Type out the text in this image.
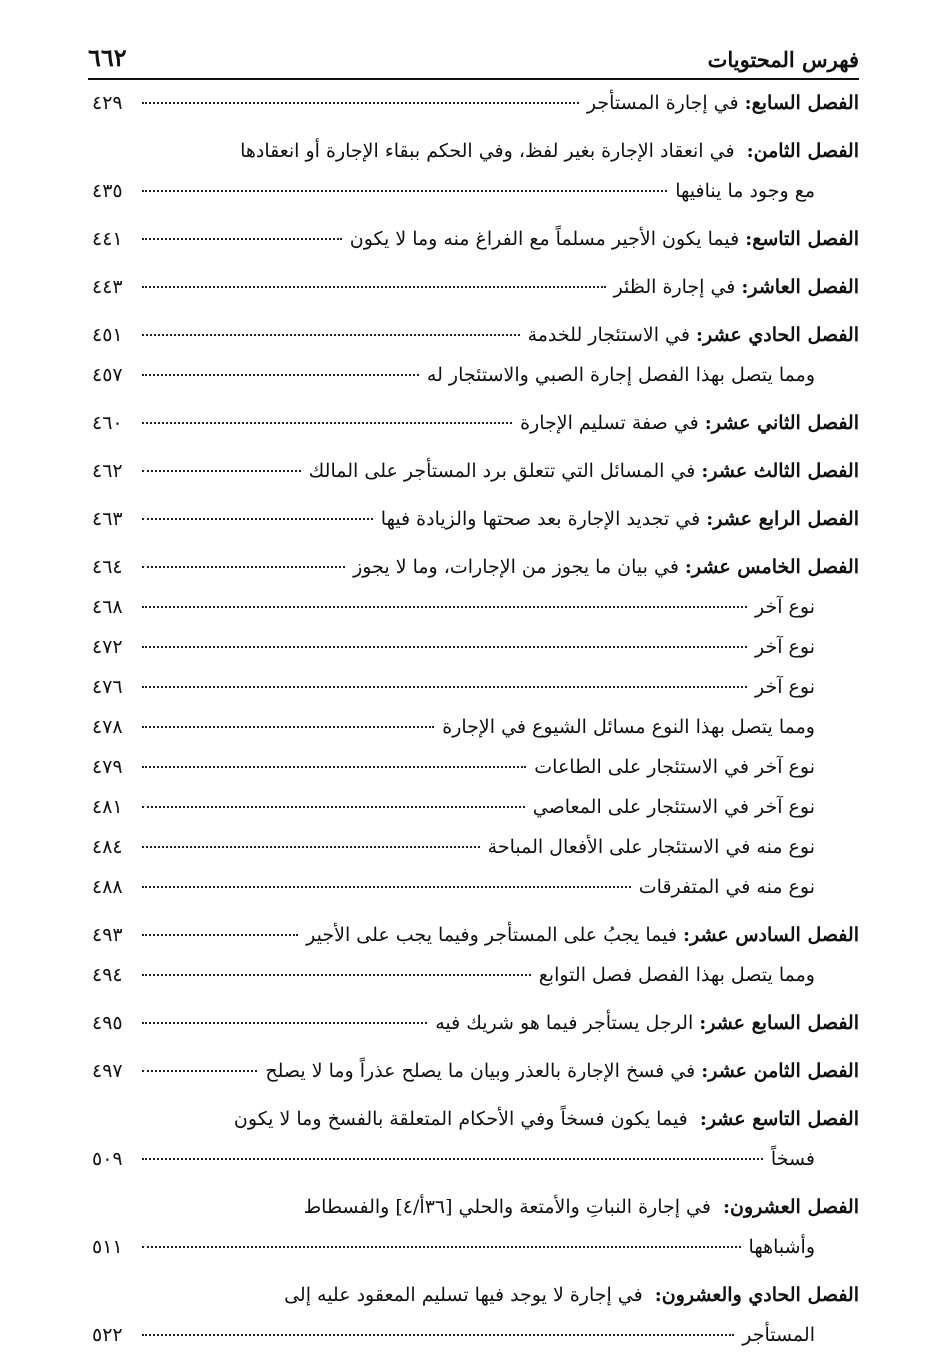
فهرس المحتويات
٦٦٢
الفصل السابع:
في إجارة المستأجر
٤٢٩
الفصل الثامن: في انعقاد الإجارة بغير لفظ، وفي الحكم ببقاء الإجارة أو انعقادها
مع وجود ما ينافيها
٤٣٥
الفصل التاسع:
فيما يكون الأجير مسلماً مع الفراغ منه وما لا يكون
٤٤١
الفصل العاشر:
في إجارة الظئر
٤٤٣
الفصل الحادي عشر:
في الاستئجار للخدمة
٤٥١
ومما يتصل بهذا الفصل إجارة الصبي والاستئجار له
٤٥٧
الفصل الثاني عشر:
في صفة تسليم الإجارة
٤٦٠
الفصل الثالث عشر:
في المسائل التي تتعلق برد المستأجر على المالك
٤٦٢
الفصل الرابع عشر:
في تجديد الإجارة بعد صحتها والزيادة فيها
٤٦٣
الفصل الخامس عشر:
في بيان ما يجوز من الإجارات، وما لا يجوز
٤٦٤
نوع آخر
٤٦٨
نوع آخر
٤٧٢
نوع آخر
٤٧٦
ومما يتصل بهذا النوع مسائل الشيوع في الإجارة
٤٧٨
نوع آخر في الاستئجار على الطاعات
٤٧٩
نوع آخر في الاستئجار على المعاصي
٤٨١
نوع منه في الاستئجار على الأفعال المباحة
٤٨٤
نوع منه في المتفرقات
٤٨٨
الفصل السادس عشر:
فيما يجبُ على المستأجر وفيما يجب على الأجير
٤٩٣
ومما يتصل بهذا الفصل فصل التوابع
٤٩٤
الفصل السابع عشر:
الرجل يستأجر فيما هو شريك فيه
٤٩٥
الفصل الثامن عشر:
في فسخ الإجارة بالعذر وبيان ما يصلح عذراً وما لا يصلح
٤٩٧
الفصل التاسع عشر: فيما يكون فسخاً وفي الأحكام المتعلقة بالفسخ وما لا يكون
فسخاً
٥٠٩
الفصل العشرون: في إجارة النباتِ والأمتعة والحلي [٣٦أ/٤] والفسطاط
وأشباهها
٥١١
الفصل الحادي والعشرون: في إجارة لا يوجد فيها تسليم المعقود عليه إلى
المستأجر
٥٢٢
